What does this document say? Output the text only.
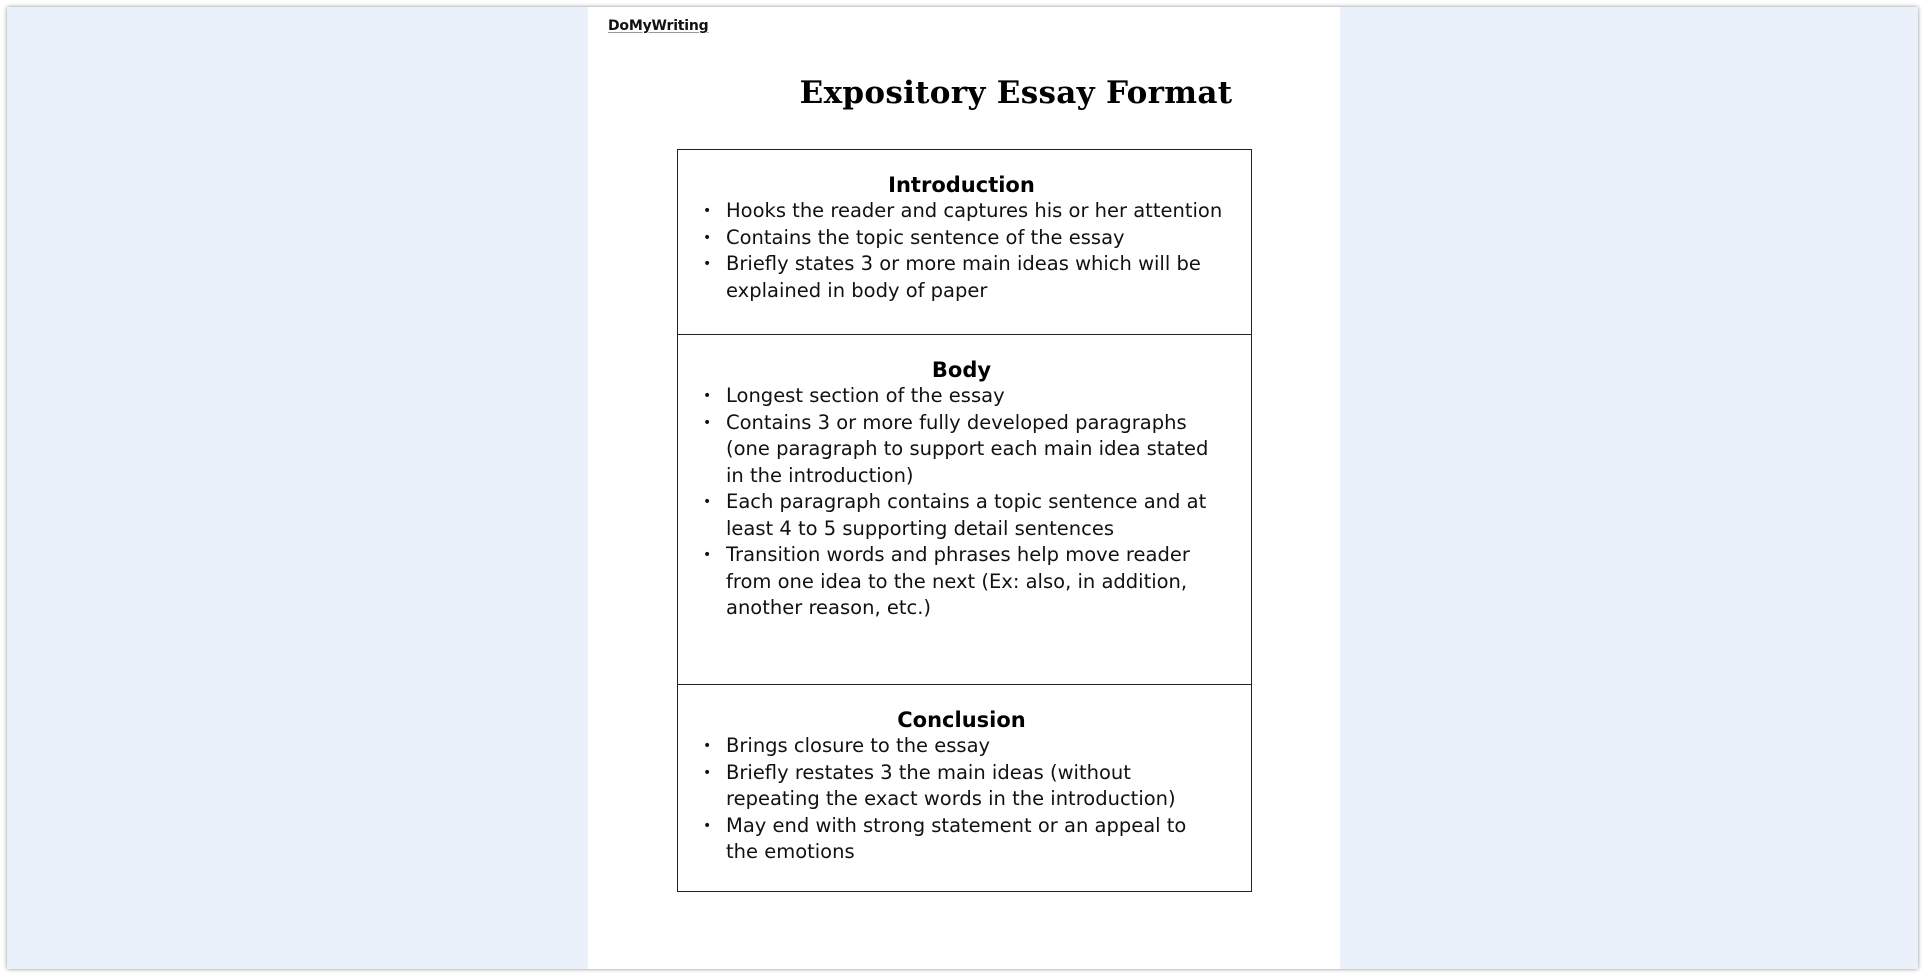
DoMyWriting
Expository Essay Format
Introduction
• Hooks the reader and captures his or her attention
• Contains the topic sentence of the essay
• Briefly states 3 or more main ideas which will be explained in body of paper
Body
• Longest section of the essay
• Contains 3 or more fully developed paragraphs (one paragraph to support each main idea stated in the introduction)
• Each paragraph contains a topic sentence and at least 4 to 5 supporting detail sentences
• Transition words and phrases help move reader from one idea to the next (Ex: also, in addition, another reason, etc.)
Conclusion
• Brings closure to the essay
• Briefly restates 3 the main ideas (without repeating the exact words in the introduction)
• May end with strong statement or an appeal to the emotions
